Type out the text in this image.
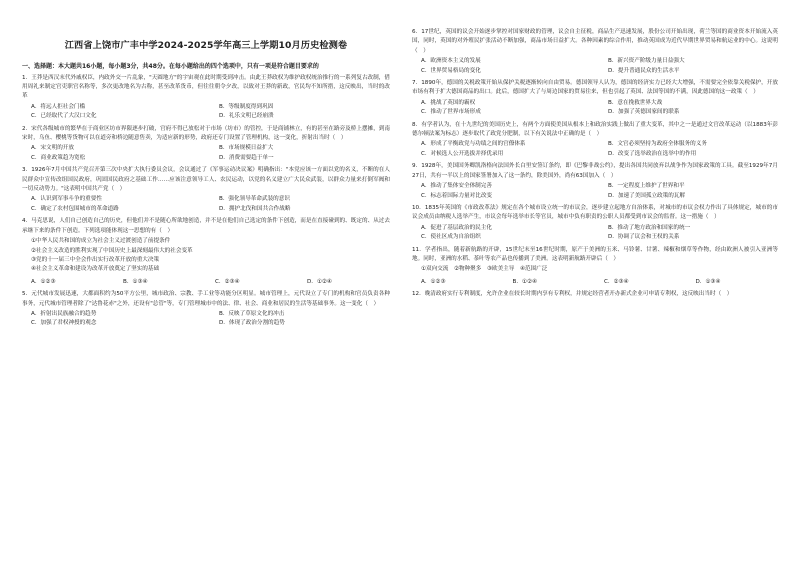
江西省上饶市广丰中学2024-2025学年高三上学期10月历史检测卷
一、选择题：本大题共16小题，每小题3分，共48分。在每小题给出的四个选项中，只有一项是符合题目要求的

1．王莽是西汉末代外戚权臣，内政外交一片乱象，"天圆地方"的宇宙观在此时期受到冲击。由此王莽政权为维护政权统治推行的一系列复古改制，借用周礼来制定官吏职官名称等，多次更改地名为古称，甚至改革货币，但往往朝令夕改，以致对王莽的新政，官民均不知所措，这反映出，当时的改革

A．将远人拒社会门槛	B．等级制度得到巩固
C．已经取代了大汉口文化	D．礼乐文明已经崩溃

2．宋代各级城市的繁华在于商业区坊市界限逐步打破，官府不得已放松对于市场（坊市）的管控，于是商铺林立，有的甚至在路旁及桥上摆摊，到南宋时，乌鱼、樱桃等货物可以在道旁和桥边随意售卖，为适应新的形势，政府还专门设置了管理机构，这一变化，折射出当时（　）

A．宋文明的开放	B．市场规模日益扩大
C．商业政策趋为宽松	D．消费需要趋于单一

3．1926年7月中国共产党召开第三次中央扩大执行委员会议，会议通过了《军事运动决议案》明确指出："本党应该一方面以党的名义，不断的在人民群众中宣传改组国民政府，巩固国民政府之基础工作……应该注意领导工人、农民运动，以党的名义建立广大民众武装，以群众力量来打倒军阀和一切反动势力。"这表明中国共产党（　）

A．认识到军事斗争的重要性	B．强化领导革命武装的意识
C．确定了农村包围城市的革命道路	D．拥护北伐和国共合作战略

4．马克思说，人们自己创造自己的历史，但他们并不是随心所欲地创造，并不是在他们自己选定的条件下创造，而是在直接碰到的、既定的、从过去承继下来的条件下创造。下列选项能体现这一思想的有（　）

①中华人民共和国的成立为社会主义过渡创造了前提条件
②社会主义改造的胜利实现了中国历史上最深刻最伟大的社会变革
③党的十一届三中全会作出实行改革开放的重大决策
④社会主义革命和建设为改革开放奠定了坚实的基础
A．①②③	B．①③④	C．②③④	D．①②④

5．元代城市发展迅速，大都面积约为50平方公里，城市政治、宗教、手工业等功能分区明显。城市管理上，元代设立了专门的机构和官员负责各种事务，元代城市管理者除了"达鲁花赤"之外，还设有"总管"等，专门管理城市中的法、律、社会、商业和居民的生活等基础事务。这一变化（　）

A．折射出民族融合的趋势	B．反映了草原文化的冲击
C．加强了君权神授的观念	D．体现了政治分割的趋势

6．17世纪，英国的议会开始逐步掌控对国家财政的管理，议会自主征税，商品生产迅速发展，股份公司开始出现，荷兰等国的商业资本开始流入英国，同时，英国的对外殖民扩张活动不断加强，商品市场日益扩大。各种因素的综合作用，推动英国成为近代早期世界贸易和航运业的中心。这说明（　）

A．欧洲资本主义的发展	B．新兴资产阶级力量日益强大
C．世界贸易格局的变化	D．提升普通民众的生活水平

7．1890年，德国的关税政策开始从保护关税逐渐转向自由贸易。德国领导人认为，德国的经济实力已经大大增强，不需要完全依靠关税保护，开放市场有利于扩大德国商品的出口。此后，德国扩大了与周边国家的贸易往来，但也引起了英国、法国等国的不满，因此德国的这一政策（　）

A．挑战了英国的霸权	B．意在挽救世界大战
C．推动了世界市场形成	D．加强了英德国家间的联系

8．有学者认为，在十九世纪的美国历史上，有两个方面使美国从根本上和政治实践上做出了重大变革，其中之一是通过文官改革运动（以1883年彭德尔顿法案为标志）逐步取代了政党分肥制，以下有关说法中正确的是（　）

A．形成了平衡政党与功绩之间的官僚体系	B．文官必须坚持为政府全体服务的义务
C．对候选人公开选拔并择优录用	D．改变了选举政治在选举中的作用

9．1928年，美国国务卿凯洛格向法国外长白里安签订条约，即《巴黎非战公约》，提出各国共同放弃以战争作为国家政策的工具。截至1929年7月27日，共有一半以上的国家签署加入了这一条约，除美国外，尚有63国加入（　）

A．推动了集体安全体制完善	B．一定程度上维护了世界和平
C．标志着国际力量对比改变	D．加速了美国孤立政策的瓦解

10．1835年英国的《市政改革法》规定在各个城市设立统一的市议会，逐步建立起地方自治体系，对城市的市议会权力作出了具体规定，城市的市议会成员由纳税人选举产生，市议会每年选举市长等官员，城市中负有职责的公职人员都受到市议会的监督。这一措施（　）

A．促进了基层政治的民主化	B．推动了地方政治和国家的统一
C．使社区成为自治组织	D．协调了议会和王权的关系

11．学者指出，随着新航路的开辟，15世纪末至16世纪时期，原产于美洲的玉米、马铃薯、甘薯、辣椒和烟草等作物，经由欧洲人被引入亚洲等地。同时，亚洲的水稻、茶叶等农产品也传播到了美洲。这表明新航路开辟后（　）

①双向交流　②物种聚多　③欧美主导　④范围广泛
A．①②③	B．①②④	C．②③④	D．①③④

12．晚清政府实行专利制度，允许企业在较长时期内享有专利权，并规定经营者开办新式企业可申请专利权，这反映出当时（　）
